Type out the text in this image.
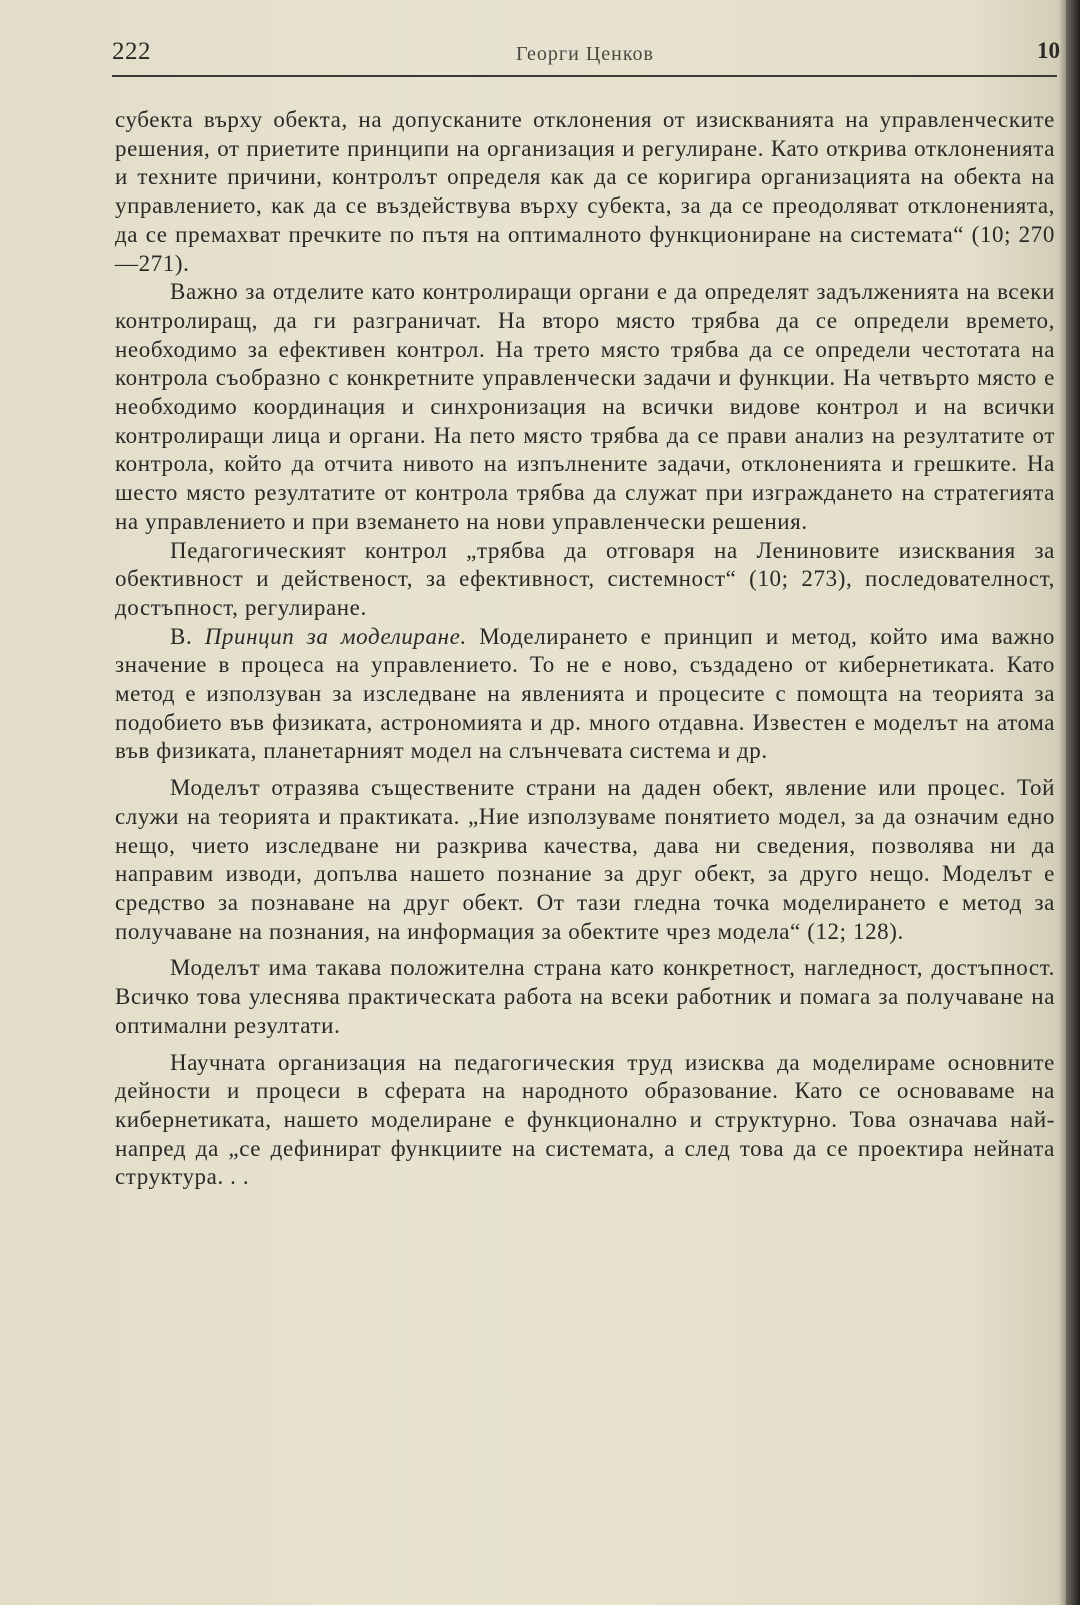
222	Георги Ценков	10

субекта върху обекта, на допусканите отклонения от изискванията на управленческите решения, от приетите принципи на организация и регулиране. Като открива отклоненията и техните причини, контролът определя как да се коригира организацията на обекта на управлението, как да се въздействува върху субекта, за да се преодоляват отклоненията, да се премахват пречките по пътя на оптималното функциониране на системата“ (10; 270—271).

Важно за отделите като контролиращи органи е да определят задълженията на всеки контролиращ, да ги разграничат. На второ място трябва да се определи времето, необходимо за ефективен контрол. На трето място трябва да се определи честотата на контрола съобразно с конкретните управленчески задачи и функции. На четвърто място е необходимо координация и синхронизация на всички видове контрол и на всички контролиращи лица и органи. На пето място трябва да се прави анализ на резултатите от контрола, който да отчита нивото на изпълнените задачи, отклоненията и грешките. На шесто място резултатите от контрола трябва да служат при изграждането на стратегията на управлението и при вземането на нови управленчески решения.

Педагогическият контрол „трябва да отговаря на Лениновите изисквания за обективност и действеност, за ефективност, системност“ (10; 273), последователност, достъпност, регулиране.

В. Принцип за моделиране. Моделирането е принцип и метод, който има важно значение в процеса на управлението. То не е ново, създадено от кибернетиката. Като метод е използуван за изследване на явленията и процесите с помощта на теорията за подобието във физиката, астрономията и др. много отдавна. Известен е моделът на атома във физиката, планетарният модел на слънчевата система и др.

Моделът отразява съществените страни на даден обект, явление или процес. Той служи на теорията и практиката. „Ние използуваме понятието модел, за да означим едно нещо, чието изследване ни разкрива качества, дава ни сведения, позволява ни да направим изводи, допълва нашето познание за друг обект, за друго нещо. Моделът е средство за познаване на друг обект. От тази гледна точка моделирането е метод за получаване на познания, на информация за обектите чрез модела“ (12; 128).

Моделът има такава положителна страна като конкретност, нагледност, достъпност. Всичко това улеснява практическата работа на всеки работник и помага за получаване на оптимални резултати.

Научната организация на педагогическия труд изисква да моделираме основните дейности и процеси в сферата на народното образование. Като се основаваме на кибернетиката, нашето моделиране е функционално и структурно. Това означава най-напред да „се дефинират функциите на системата, а след това да се проектира нейната структура. . .
